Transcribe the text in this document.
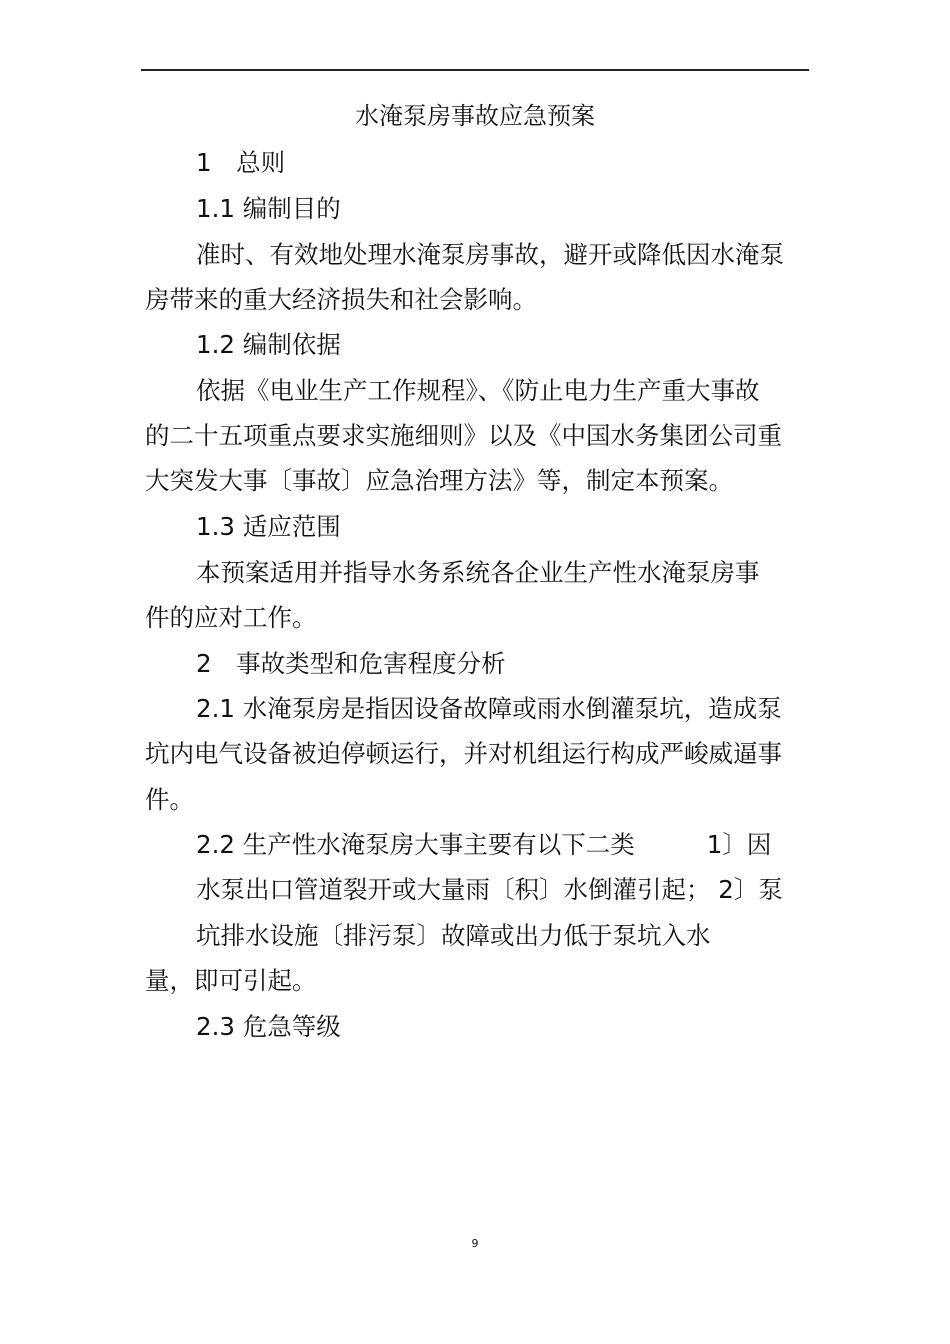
水淹泵房事故应急预案
1　总则
1.1 编制目的
准时、有效地处理水淹泵房事故，避开或降低因水淹泵
房带来的重大经济损失和社会影响。
1.2 编制依据
依据《电业生产工作规程》、《防止电力生产重大事故
的二十五项重点要求实施细则》以及《中国水务集团公司重
大突发大事〔事故〕应急治理方法》等，制定本预案。
1.3 适应范围
本预案适用并指导水务系统各企业生产性水淹泵房事
件的应对工作。
2　事故类型和危害程度分析
2.1 水淹泵房是指因设备故障或雨水倒灌泵坑，造成泵
坑内电气设备被迫停顿运行，并对机组运行构成严峻威逼事
件。
2.2 生产性水淹泵房大事主要有以下二类	1〕因
水泵出口管道裂开或大量雨〔积〕水倒灌引起； 2〕泵
坑排水设施〔排污泵〕故障或出力低于泵坑入水
量，即可引起。
2.3 危急等级
9
